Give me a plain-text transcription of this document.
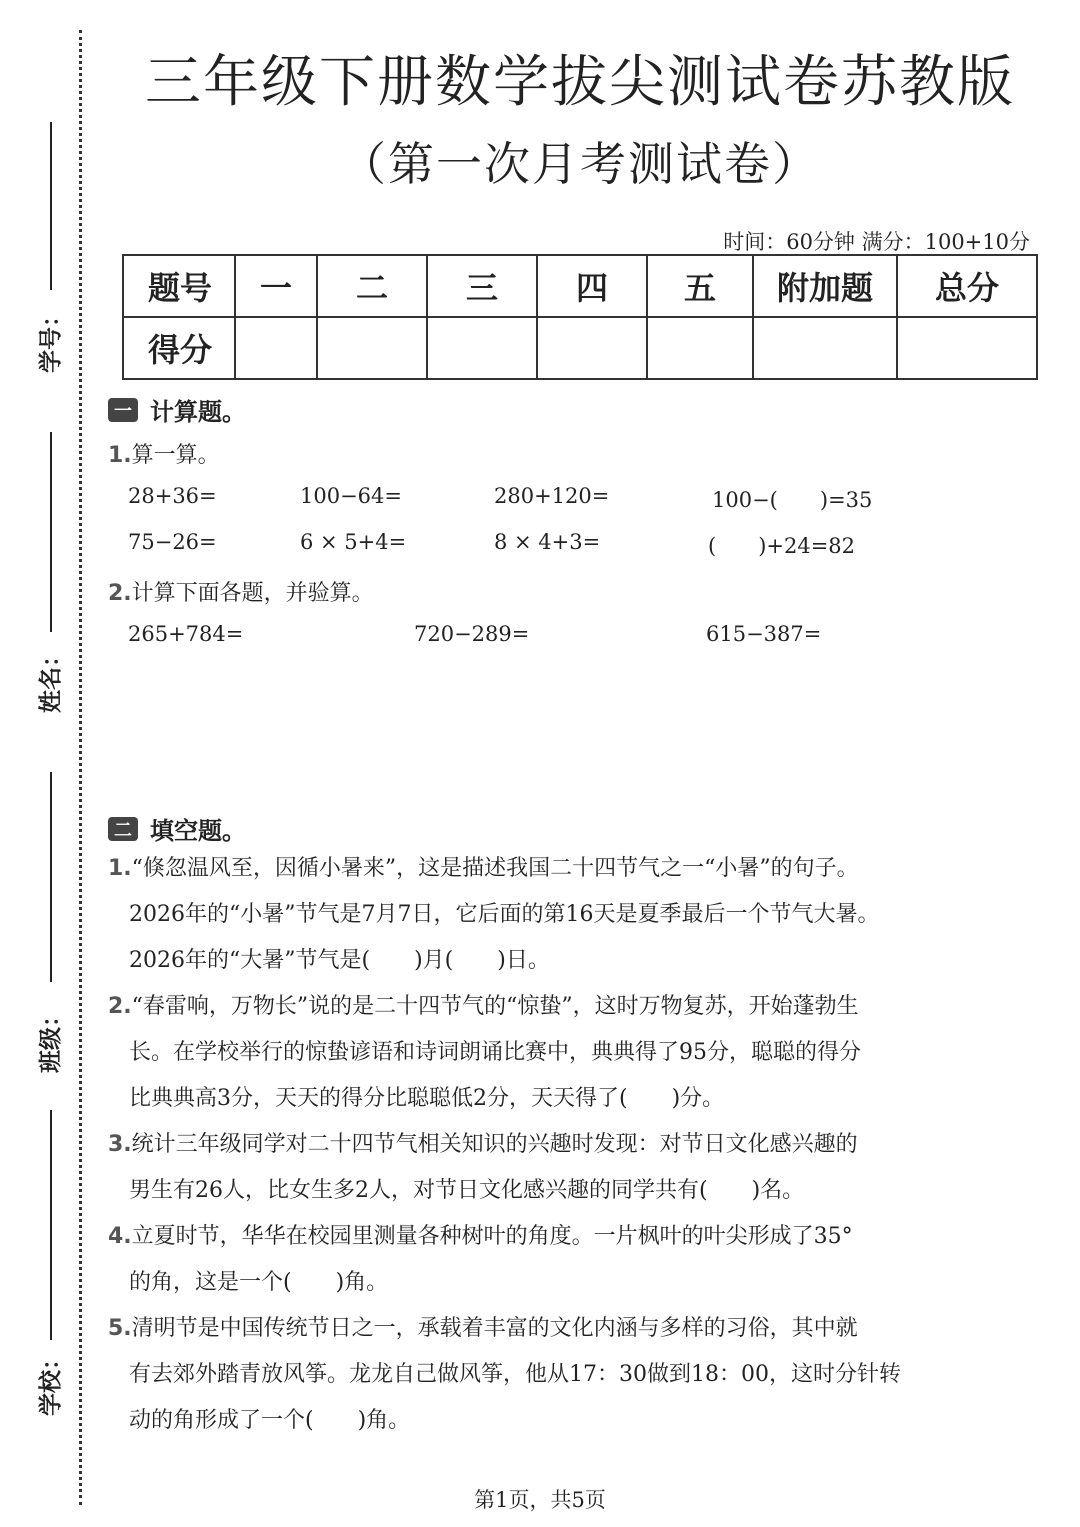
学号：
姓名：
班级：
学校：
三年级下册数学拔尖测试卷苏教版
（第一次月考测试卷）
时间：60分钟 满分：100+10分
题号	一	二	三	四	五	附加题	总分
得分							
一 计算题。
1.算一算。
28+36=	100−64=	280+120=	100−(　　)=35
75−26=	6 × 5+4=	8 × 4+3=	(　　)+24=82
2.计算下面各题，并验算。
265+784=	720−289=	615−387=
二 填空题。
1.“倏忽温风至，因循小暑来”，这是描述我国二十四节气之一“小暑”的句子。
2026年的“小暑”节气是7月7日，它后面的第16天是夏季最后一个节气大暑。
2026年的“大暑”节气是(　　)月(　　)日。
2.“春雷响，万物长”说的是二十四节气的“惊蛰”，这时万物复苏，开始蓬勃生
长。在学校举行的惊蛰谚语和诗词朗诵比赛中，典典得了95分，聪聪的得分
比典典高3分，天天的得分比聪聪低2分，天天得了(　　)分。
3.统计三年级同学对二十四节气相关知识的兴趣时发现：对节日文化感兴趣的
男生有26人，比女生多2人，对节日文化感兴趣的同学共有(　　)名。
4.立夏时节，华华在校园里测量各种树叶的角度。一片枫叶的叶尖形成了35°
的角，这是一个(　　)角。
5.清明节是中国传统节日之一，承载着丰富的文化内涵与多样的习俗，其中就
有去郊外踏青放风筝。龙龙自己做风筝，他从17：30做到18：00，这时分针转
动的角形成了一个(　　)角。
第1页，共5页
